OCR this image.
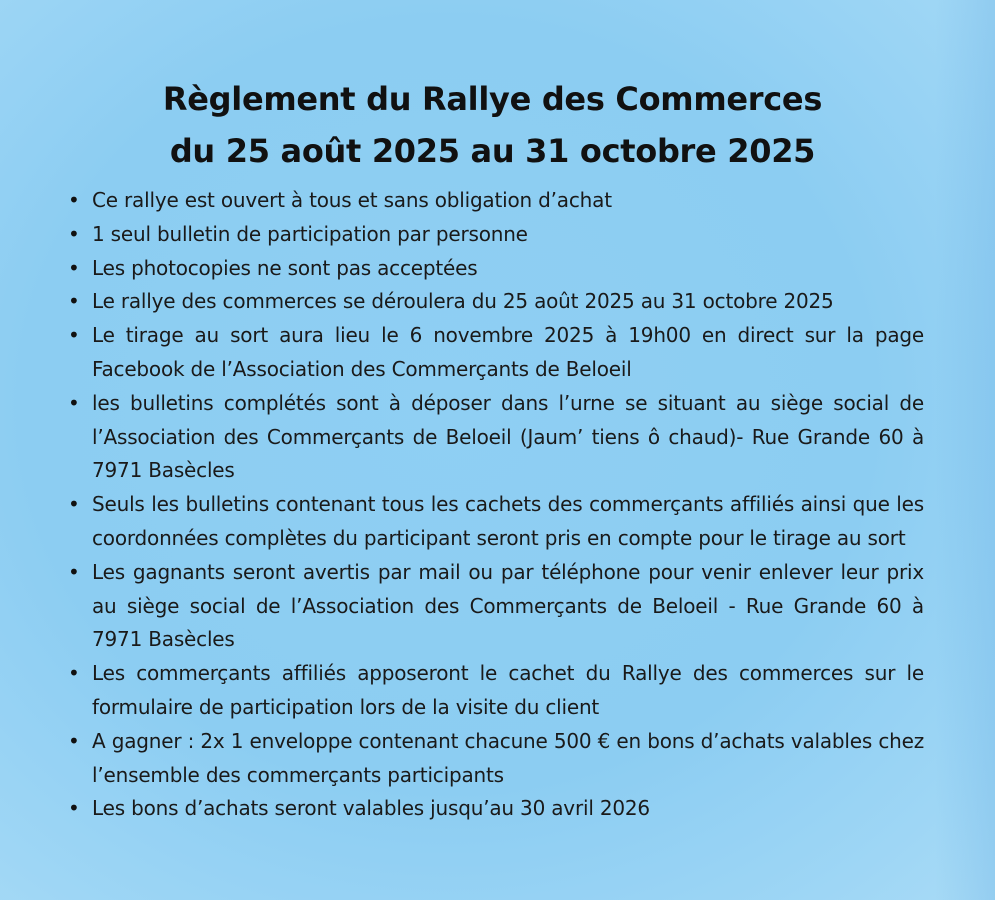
Règlement du Rallye des Commerces
du 25 août 2025 au 31 octobre 2025
• Ce rallye est ouvert à tous et sans obligation d’achat
• 1 seul bulletin de participation par personne
• Les photocopies ne sont pas acceptées
• Le rallye des commerces se déroulera du 25 août 2025 au 31 octobre 2025
• Le tirage au sort aura lieu le 6 novembre 2025 à 19h00 en direct sur la page Facebook de l’Association des Commerçants de Beloeil
• les bulletins complétés sont à déposer dans l’urne se situant au siège social de l’Association des Commerçants de Beloeil (Jaum’ tiens ô chaud)- Rue Grande 60 à 7971 Basècles
• Seuls les bulletins contenant tous les cachets des commerçants affiliés ainsi que les coordonnées complètes du participant seront pris en compte pour le tirage au sort
• Les gagnants seront avertis par mail ou par téléphone pour venir enlever leur prix au siège social de l’Association des Commerçants de Beloeil - Rue Grande 60 à 7971 Basècles
• Les commerçants affiliés apposeront le cachet du Rallye des commerces sur le formulaire de participation lors de la visite du client
• A gagner : 2x 1 enveloppe contenant chacune 500 € en bons d’achats valables chez l’ensemble des commerçants participants
• Les bons d’achats seront valables jusqu’au 30 avril 2026
